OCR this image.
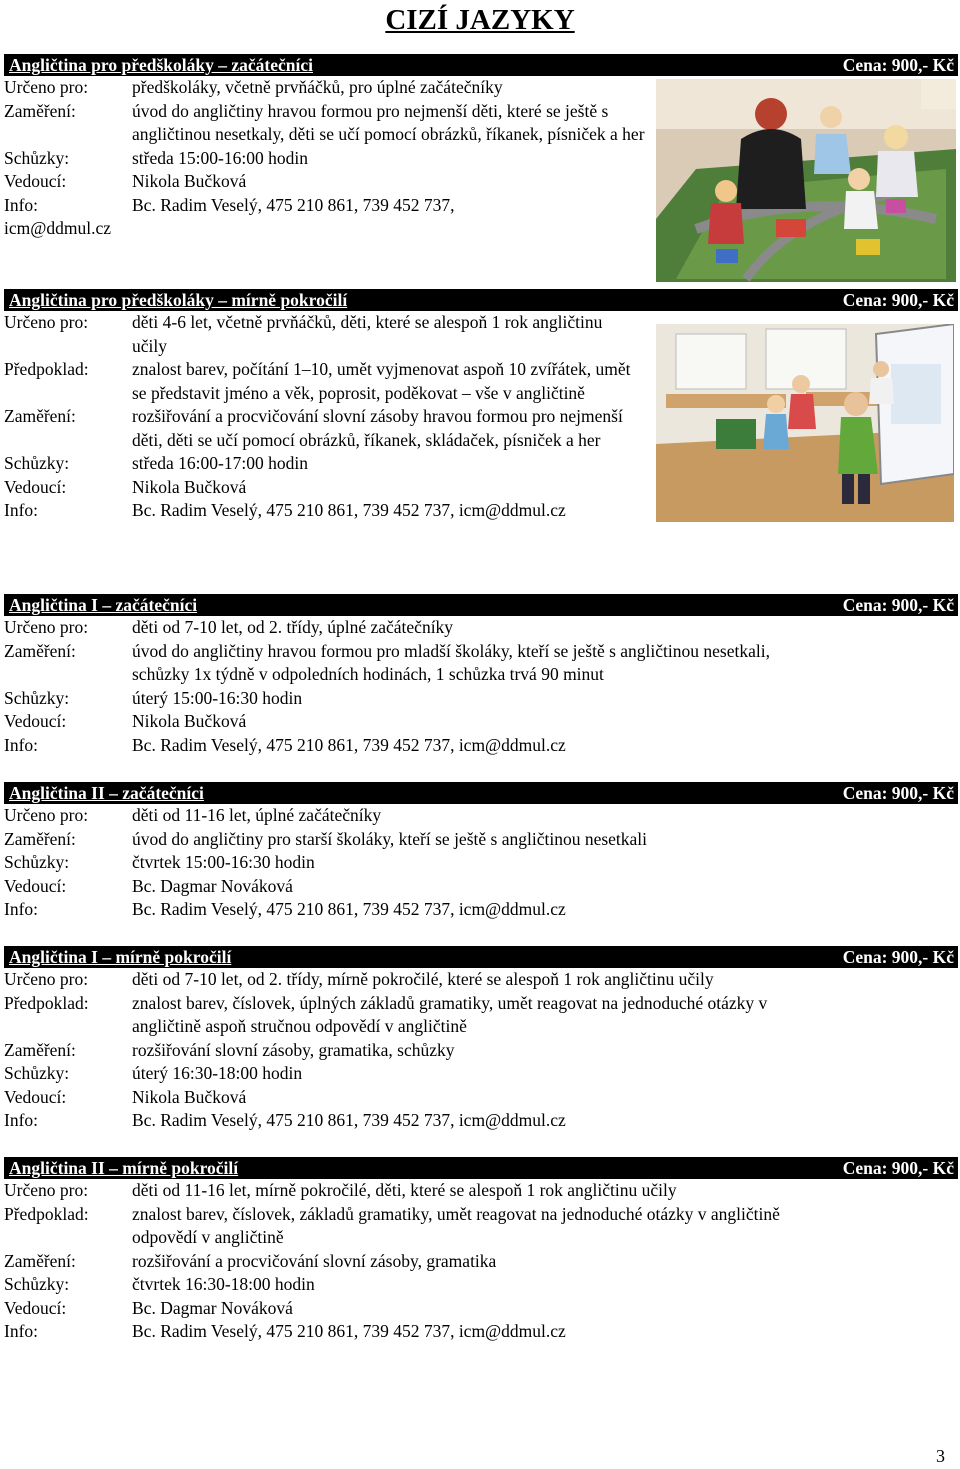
CIZÍ JAZYKY
Angličtina pro předškoláky – začátečníci	Cena: 900,- Kč
Určeno pro:	předškoláky, včetně prvňáčků, pro úplné začátečníky
Zaměření:	úvod do angličtiny hravou formou pro nejmenší děti, které se ještě s angličtinou nesetkaly, děti se učí pomocí obrázků, říkanek, písniček a her
Schůzky:	středa 15:00-16:00 hodin
Vedoucí:	Nikola Bučková
Info:	Bc. Radim Veselý, 475 210 861, 739 452 737,
icm@ddmul.cz
Angličtina pro předškoláky – mírně pokročilí	Cena: 900,- Kč
Určeno pro:	děti 4-6 let, včetně prvňáčků, děti, které se alespoň 1 rok angličtinu učily
Předpoklad:	znalost barev, počítání 1–10, umět vyjmenovat aspoň 10 zvířátek, umět se představit jméno a věk, poprosit, poděkovat – vše v angličtině
Zaměření:	rozšiřování a procvičování slovní zásoby hravou formou pro nejmenší děti, děti se učí pomocí obrázků, říkanek, skládaček, písniček a her
Schůzky:	středa 16:00-17:00 hodin
Vedoucí:	Nikola Bučková
Info:	Bc. Radim Veselý, 475 210 861, 739 452 737, icm@ddmul.cz
Angličtina I – začátečníci	Cena: 900,- Kč
Určeno pro:	děti od 7-10 let, od 2. třídy, úplné začátečníky
Zaměření:	úvod do angličtiny hravou formou pro mladší školáky, kteří se ještě s angličtinou nesetkali, schůzky 1x týdně v odpoledních hodinách, 1 schůzka trvá 90 minut
Schůzky:	úterý 15:00-16:30 hodin
Vedoucí:	Nikola Bučková
Info:	Bc. Radim Veselý, 475 210 861, 739 452 737, icm@ddmul.cz
Angličtina II – začátečníci	Cena: 900,- Kč
Určeno pro:	děti od 11-16 let, úplné začátečníky
Zaměření:	úvod do angličtiny pro starší školáky, kteří se ještě s angličtinou nesetkali
Schůzky:	čtvrtek 15:00-16:30 hodin
Vedoucí:	Bc. Dagmar Nováková
Info:	Bc. Radim Veselý, 475 210 861, 739 452 737, icm@ddmul.cz
Angličtina I – mírně pokročilí	Cena: 900,- Kč
Určeno pro:	děti od 7-10 let, od 2. třídy, mírně pokročilé, které se alespoň 1 rok angličtinu učily
Předpoklad:	znalost barev, číslovek, úplných základů gramatiky, umět reagovat na jednoduché otázky v angličtině aspoň stručnou odpovědí v angličtině
Zaměření:	rozšiřování slovní zásoby, gramatika, schůzky
Schůzky:	úterý 16:30-18:00 hodin
Vedoucí:	Nikola Bučková
Info:	Bc. Radim Veselý, 475 210 861, 739 452 737, icm@ddmul.cz
Angličtina II – mírně pokročilí	Cena: 900,- Kč
Určeno pro:	děti od 11-16 let, mírně pokročilé, děti, které se alespoň 1 rok angličtinu učily
Předpoklad:	znalost barev, číslovek, základů gramatiky, umět reagovat na jednoduché otázky v angličtině odpovědí v angličtině
Zaměření:	rozšiřování a procvičování slovní zásoby, gramatika
Schůzky:	čtvrtek 16:30-18:00 hodin
Vedoucí:	Bc. Dagmar Nováková
Info:	Bc. Radim Veselý, 475 210 861, 739 452 737, icm@ddmul.cz
3
